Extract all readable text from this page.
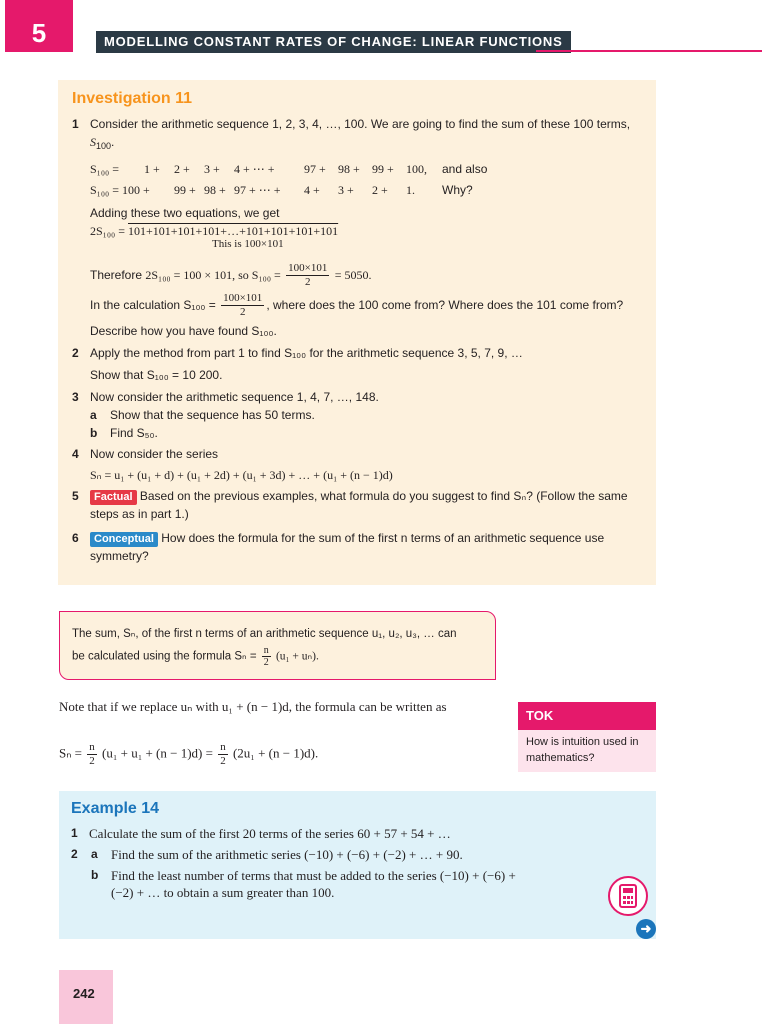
5	MODELLING CONSTANT RATES OF CHANGE: LINEAR FUNCTIONS
Investigation 11
1 Consider the arithmetic sequence 1, 2, 3, 4, …, 100. We are going to find the sum of these 100 terms, $S_{100}$.
S₁₀₀ =	1 +	2 +	3 +	4 + ⋯ +	97 +	98 +	99 +	100,	and also
S₁₀₀ = 100 +	99 + 98 + 97 + ⋯ +	4 +	3 +	2 +	1.	Why?
Adding these two equations, we get
2S₁₀₀ = 101+101+101+101+…+101+101+101+101
This is 100×101
Therefore 2S₁₀₀ = 100 × 101, so $S_{100} = \frac{100\times 101}{2} = 5050$.
In the calculation $S_{100} = \frac{100\times 101}{2}$ , where does the 100 come from? Where does the 101 come from?
Describe how you have found S₁₀₀.
2 Apply the method from part 1 to find S₁₀₀ for the arithmetic sequence 3, 5, 7, 9, …
Show that S₁₀₀ = 10 200.
3 Now consider the arithmetic sequence 1, 4, 7, …, 148.
a Show that the sequence has 50 terms.
b Find S₅₀.
4 Now consider the series
Sₙ = u₁ + (u₁ + d) + (u₁ + 2d) + (u₁ + 3d) + … + (u₁ + (n − 1)d)
5	Factual Based on the previous examples, what formula do you suggest to find Sₙ? (Follow the same steps as in part 1.)
6	Conceptual How does the formula for the sum of the first n terms of an arithmetic sequence use symmetry?
The sum, Sₙ, of the first n terms of an arithmetic sequence u₁, u₂, u₃, … can
be calculated using the formula $S_n = \frac{n}{2} (u_1 + u_n)$.

Note that if we replace uₙ with u₁ + (n − 1)d, the formula can be written as

$S_n = \frac{n}{2} (u_1 + u_1 + (n - 1)d) = \frac{n}{2} (2u_1 + (n - 1)d)$.
TOK
How is intuition used in mathematics?
Example 14
1 Calculate the sum of the first 20 terms of the series 60 + 57 + 54 + …
2 a Find the sum of the arithmetic series (−10) + (−6) + (−2) + … + 90.
b Find the least number of terms that must be added to the series (−10) + (−6) + (−2) + … to obtain a sum greater than 100.
➜
242
